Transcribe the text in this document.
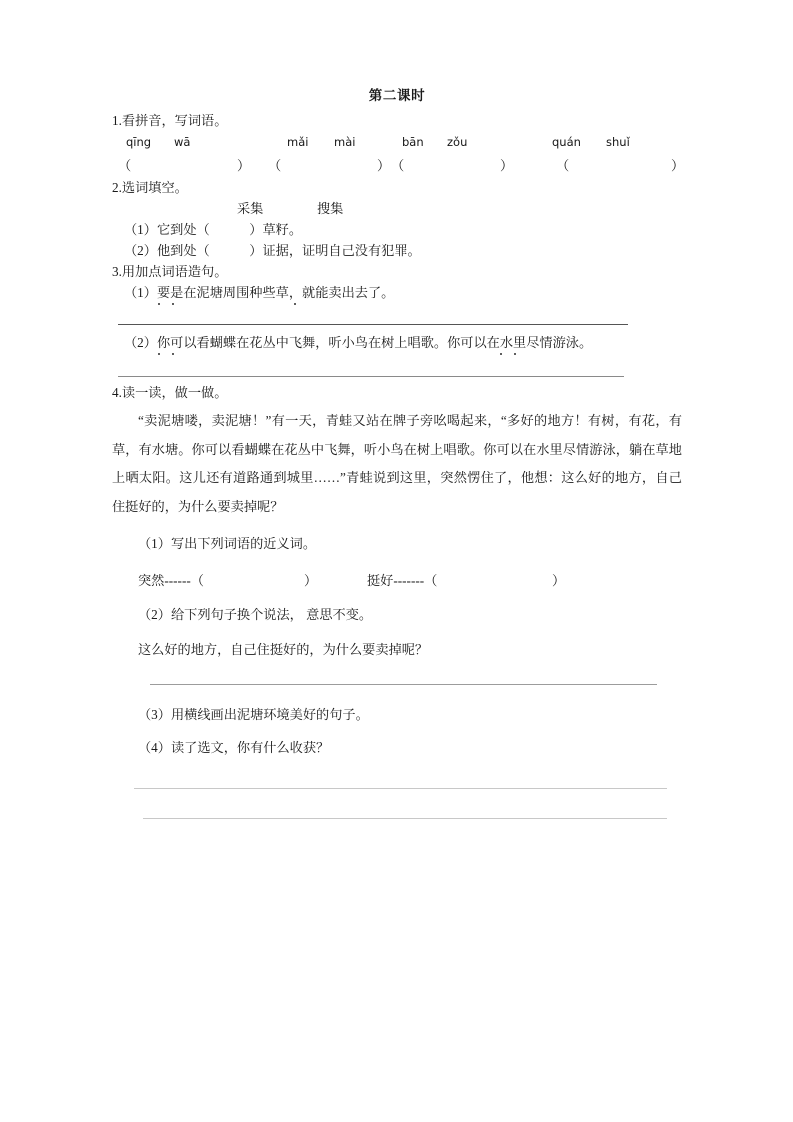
第二课时
1.看拼音，写词语。
qīng wā	mǎi mài	bān zǒu	quán shuǐ
（	） （	） （	）	（	）
2.选词填空。
采集	搜集
（1）它到处（            ）草籽。
（2）他到处（            ）证据，证明自己没有犯罪。
3.用加点词语造句。
（1）要是在泥塘周围种些草，就能卖出去了。
（2）你可以看蝴蝶在花丛中飞舞，听小鸟在树上唱歌。你可以在水里尽情游泳。
4.读一读，做一做。

“卖泥塘喽，卖泥塘！”有一天，青蛙又站在牌子旁吆喝起来，“多好的地方！有树，有花，有草，有水塘。你可以看蝴蝶在花丛中飞舞，听小鸟在树上唱歌。你可以在水里尽情游泳，躺在草地上晒太阳。这儿还有道路通到城里……”青蛙说到这里，突然愣住了，他想：这么好的地方，自己住挺好的，为什么要卖掉呢？

（1）写出下列词语的近义词。
突然------（	）	挺好-------（	）
（2）给下列句子换个说法， 意思不变。
这么好的地方，自己住挺好的，为什么要卖掉呢？
（3）用横线画出泥塘环境美好的句子。
（4）读了选文，你有什么收获？
